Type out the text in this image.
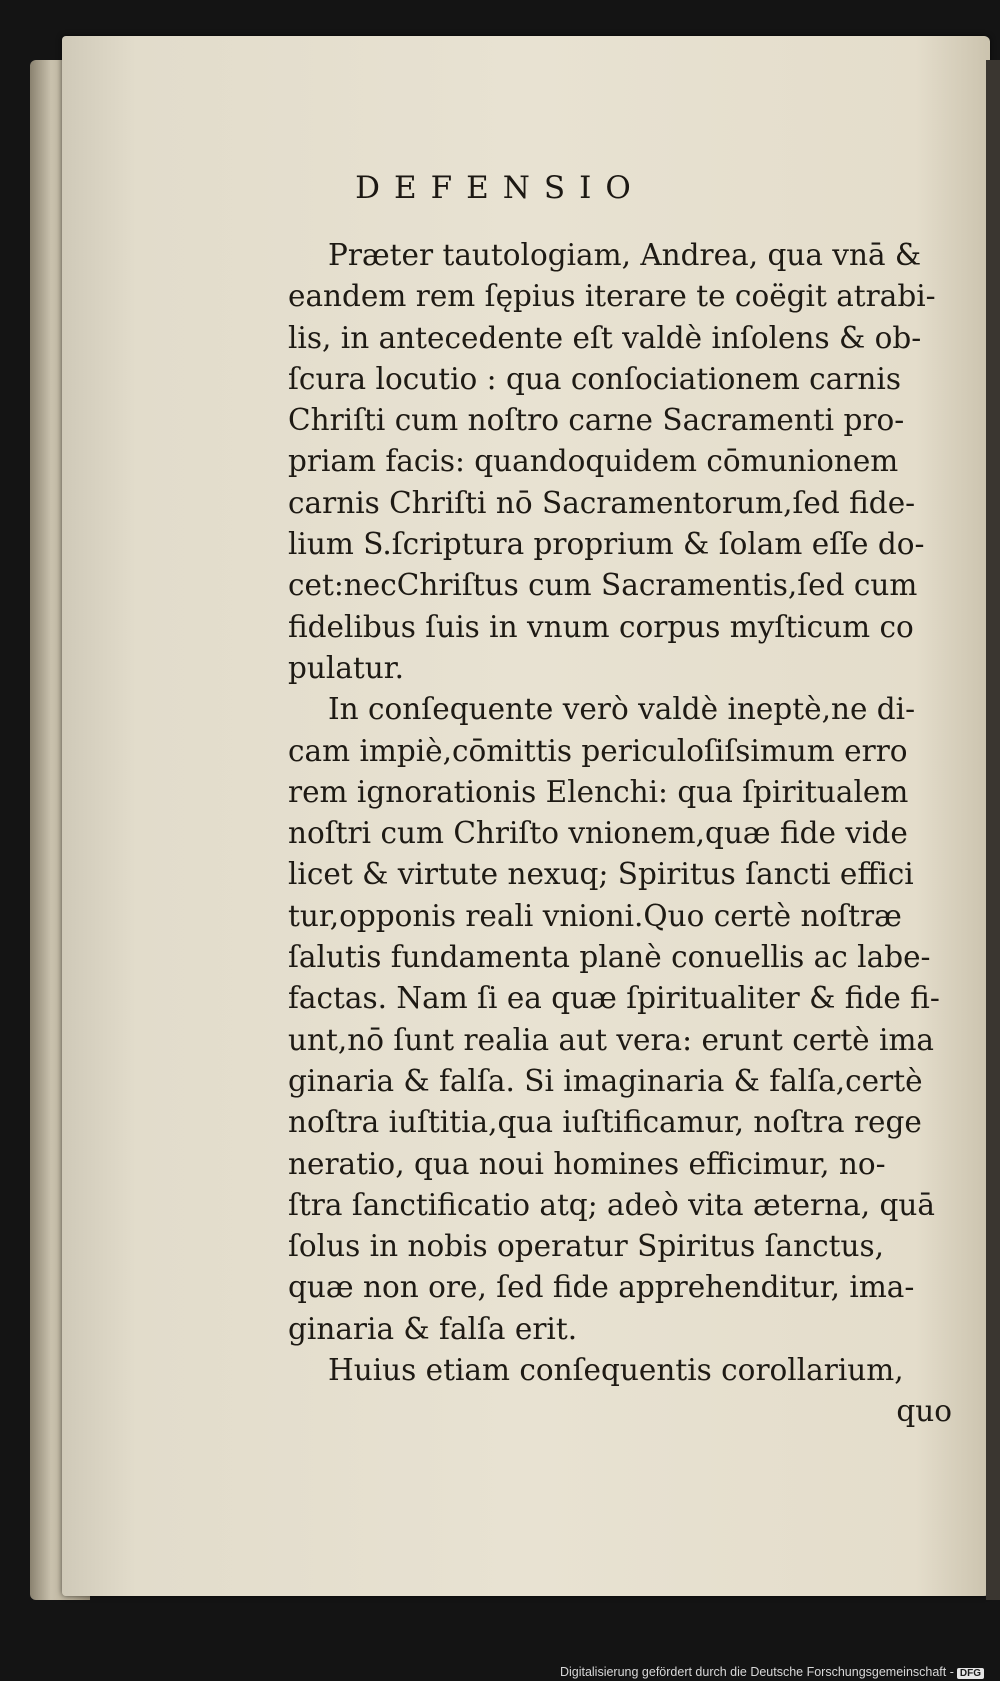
DEFENSIO
Præter tautologiam, Andrea, qua vnā &
eandem rem ſępius iterare te coëgit atrabi-
lis, in antecedente eſt valdè inſolens & ob-
ſcura locutio : qua conſociationem carnis
Chriſti cum noſtro carne Sacramenti pro-
priam facis: quandoquidem cōmunionem
carnis Chriſti nō Sacramentorum,ſed fide-
lium S.ſcriptura proprium & ſolam eſſe do-
cet:necChriſtus cum Sacramentis,ſed cum
fidelibus ſuis in vnum corpus myſticum co
pulatur.
In conſequente verò valdè ineptè,ne di-
cam impiè,cōmittis periculoſiſsimum erro
rem ignorationis Elenchi: qua ſpiritualem
noſtri cum Chriſto vnionem,quæ fide vide
licet & virtute nexuq; Spiritus ſancti effici
tur,opponis reali vnioni.Quo certè noſtræ
ſalutis fundamenta planè conuellis ac labe-
factas. Nam ſi ea quæ ſpiritualiter & fide fi-
unt,nō ſunt realia aut vera: erunt certè ima
ginaria & falſa. Si imaginaria & falſa,certè
noſtra iuſtitia,qua iuſtificamur, noſtra rege
neratio, qua noui homines efficimur, no-
ſtra ſanctificatio atq; adeò vita æterna, quā
ſolus in nobis operatur Spiritus ſanctus,
quæ non ore, ſed fide apprehenditur, ima-
ginaria & falſa erit.
Huius etiam conſequentis corollarium,
quo
Digitalisierung gefördert durch die Deutsche Forschungsgemeinschaft - DFG
